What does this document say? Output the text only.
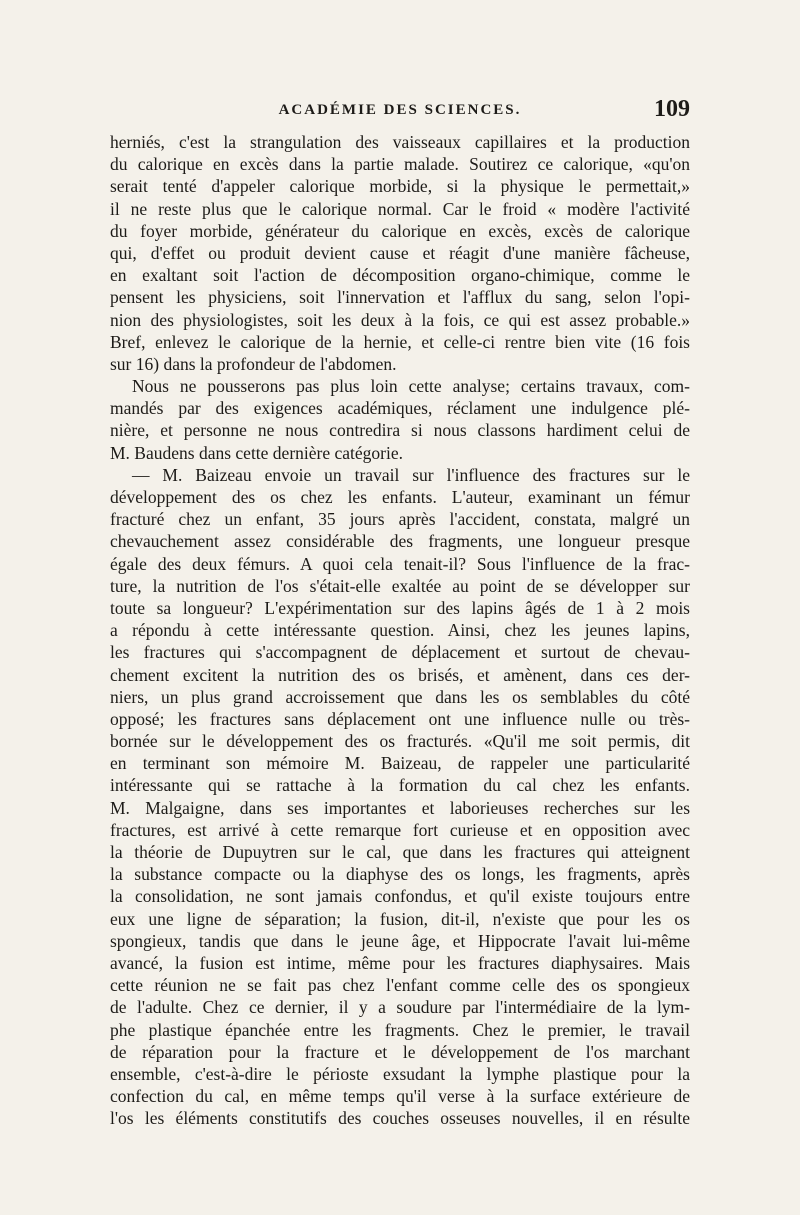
ACADÉMIE DES SCIENCES.	109
herniés, c'est la strangulation des vaisseaux capillaires et la production
du calorique en excès dans la partie malade. Soutirez ce calorique, «qu'on
serait tenté d'appeler calorique morbide, si la physique le permettait,»
il ne reste plus que le calorique normal. Car le froid « modère l'activité
du foyer morbide, générateur du calorique en excès, excès de calorique
qui, d'effet ou produit devient cause et réagit d'une manière fâcheuse,
en exaltant soit l'action de décomposition organo-chimique, comme le
pensent les physiciens, soit l'innervation et l'afflux du sang, selon l'opi-
nion des physiologistes, soit les deux à la fois, ce qui est assez probable.»
Bref, enlevez le calorique de la hernie, et celle-ci rentre bien vite (16 fois
sur 16) dans la profondeur de l'abdomen.
Nous ne pousserons pas plus loin cette analyse; certains travaux, com-
mandés par des exigences académiques, réclament une indulgence plé-
nière, et personne ne nous contredira si nous classons hardiment celui de
M. Baudens dans cette dernière catégorie.
— M. Baizeau envoie un travail sur l'influence des fractures sur le
développement des os chez les enfants. L'auteur, examinant un fémur
fracturé chez un enfant, 35 jours après l'accident, constata, malgré un
chevauchement assez considérable des fragments, une longueur presque
égale des deux fémurs. A quoi cela tenait-il? Sous l'influence de la frac-
ture, la nutrition de l'os s'était-elle exaltée au point de se développer sur
toute sa longueur? L'expérimentation sur des lapins âgés de 1 à 2 mois
a répondu à cette intéressante question. Ainsi, chez les jeunes lapins,
les fractures qui s'accompagnent de déplacement et surtout de chevau-
chement excitent la nutrition des os brisés, et amènent, dans ces der-
niers, un plus grand accroissement que dans les os semblables du côté
opposé; les fractures sans déplacement ont une influence nulle ou très-
bornée sur le développement des os fracturés. «Qu'il me soit permis, dit
en terminant son mémoire M. Baizeau, de rappeler une particularité
intéressante qui se rattache à la formation du cal chez les enfants.
M. Malgaigne, dans ses importantes et laborieuses recherches sur les
fractures, est arrivé à cette remarque fort curieuse et en opposition avec
la théorie de Dupuytren sur le cal, que dans les fractures qui atteignent
la substance compacte ou la diaphyse des os longs, les fragments, après
la consolidation, ne sont jamais confondus, et qu'il existe toujours entre
eux une ligne de séparation; la fusion, dit-il, n'existe que pour les os
spongieux, tandis que dans le jeune âge, et Hippocrate l'avait lui-même
avancé, la fusion est intime, même pour les fractures diaphysaires. Mais
cette réunion ne se fait pas chez l'enfant comme celle des os spongieux
de l'adulte. Chez ce dernier, il y a soudure par l'intermédiaire de la lym-
phe plastique épanchée entre les fragments. Chez le premier, le travail
de réparation pour la fracture et le développement de l'os marchant
ensemble, c'est-à-dire le périoste exsudant la lymphe plastique pour la
confection du cal, en même temps qu'il verse à la surface extérieure de
l'os les éléments constitutifs des couches osseuses nouvelles, il en résulte
